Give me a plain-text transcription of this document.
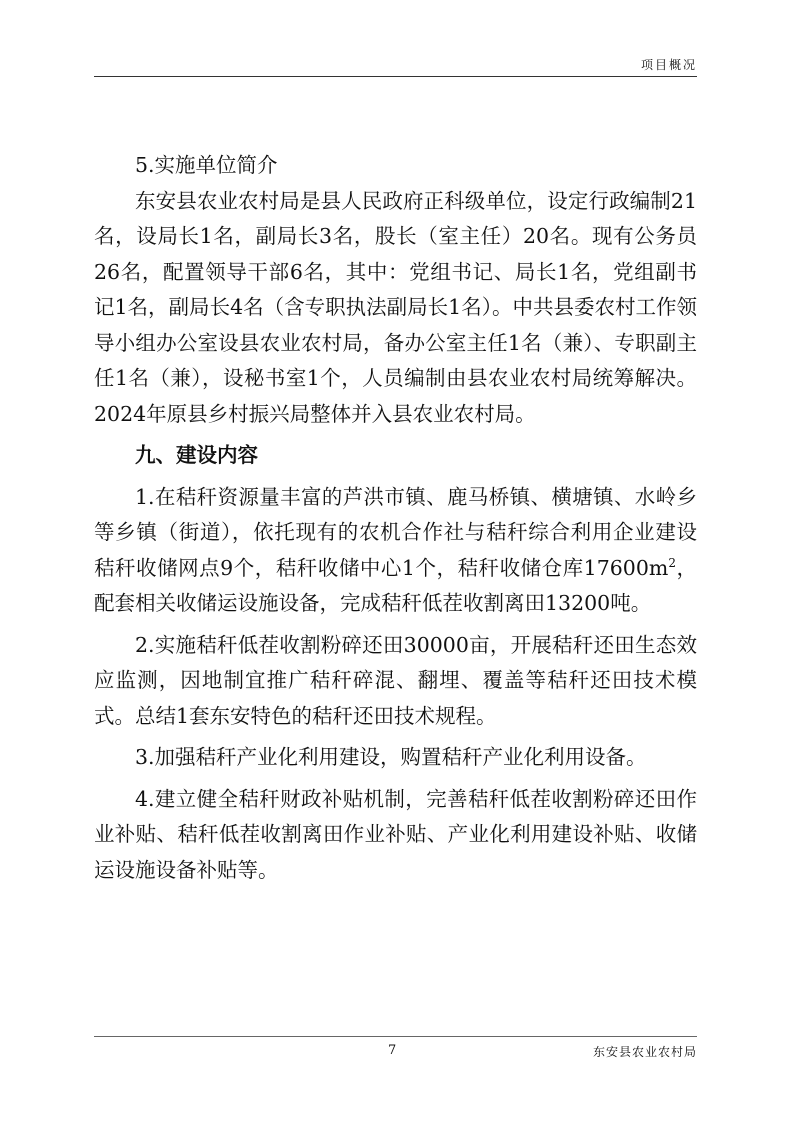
项目概况

5.实施单位简介

东安县农业农村局是县人民政府正科级单位，设定行政编制21名，设局长1名，副局长3名，股长（室主任）20名。现有公务员26名，配置领导干部6名，其中：党组书记、局长1名，党组副书记1名，副局长4名（含专职执法副局长1名）。中共县委农村工作领导小组办公室设县农业农村局，备办公室主任1名（兼）、专职副主任1名（兼），设秘书室1个，人员编制由县农业农村局统筹解决。2024年原县乡村振兴局整体并入县农业农村局。

九、建设内容

1.在秸秆资源量丰富的芦洪市镇、鹿马桥镇、横塘镇、水岭乡等乡镇（街道），依托现有的农机合作社与秸秆综合利用企业建设秸秆收储网点9个，秸秆收储中心1个，秸秆收储仓库$17600m^2$，配套相关收储运设施设备，完成秸秆低茬收割离田13200吨。

2.实施秸秆低茬收割粉碎还田30000亩，开展秸秆还田生态效应监测，因地制宜推广秸秆碎混、翻埋、覆盖等秸秆还田技术模式。总结1套东安特色的秸秆还田技术规程。

3.加强秸秆产业化利用建设，购置秸秆产业化利用设备。

4.建立健全秸秆财政补贴机制，完善秸秆低茬收割粉碎还田作业补贴、秸秆低茬收割离田作业补贴、产业化利用建设补贴、收储运设施设备补贴等。

7	东安县农业农村局
